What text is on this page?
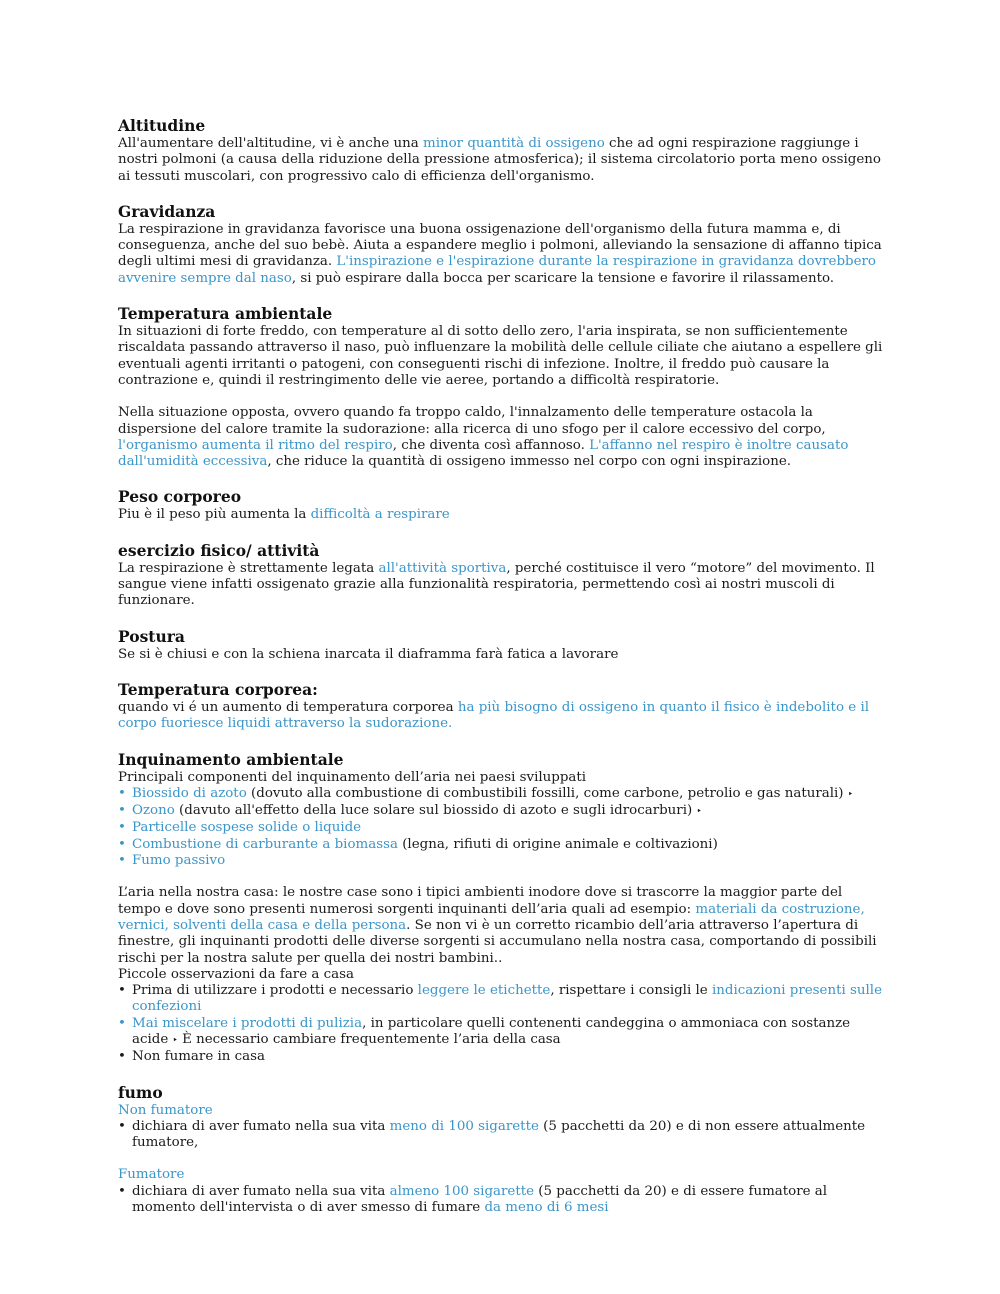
Altitudine

All'aumentare dell'altitudine, vi è anche una minor quantità di ossigeno che ad ogni respirazione raggiunge i nostri polmoni (a causa della riduzione della pressione atmosferica); il sistema circolatorio porta meno ossigeno ai tessuti muscolari, con progressivo calo di efficienza dell'organismo.

Gravidanza

La respirazione in gravidanza favorisce una buona ossigenazione dell'organismo della futura mamma e, di conseguenza, anche del suo bebè. Aiuta a espandere meglio i polmoni, alleviando la sensazione di affanno tipica degli ultimi mesi di gravidanza. L'inspirazione e l'espirazione durante la respirazione in gravidanza dovrebbero avvenire sempre dal naso, si può espirare dalla bocca per scaricare la tensione e favorire il rilassamento.

Temperatura ambientale

In situazioni di forte freddo, con temperature al di sotto dello zero, l'aria inspirata, se non sufficientemente riscaldata passando attraverso il naso, può influenzare la mobilità delle cellule ciliate che aiutano a espellere gli eventuali agenti irritanti o patogeni, con conseguenti rischi di infezione. Inoltre, il freddo può causare la contrazione e, quindi il restringimento delle vie aeree, portando a difficoltà respiratorie.

Nella situazione opposta, ovvero quando fa troppo caldo, l'innalzamento delle temperature ostacola la dispersione del calore tramite la sudorazione: alla ricerca di uno sfogo per il calore eccessivo del corpo, l'organismo aumenta il ritmo del respiro, che diventa così affannoso. L'affanno nel respiro è inoltre causato dall'umidità eccessiva, che riduce la quantità di ossigeno immesso nel corpo con ogni inspirazione.

Peso corporeo

Piu è il peso più aumenta la difficoltà a respirare

esercizio fisico/ attività

La respirazione è strettamente legata all'attività sportiva, perché costituisce il vero “motore” del movimento. Il sangue viene infatti ossigenato grazie alla funzionalità respiratoria, permettendo così ai nostri muscoli di funzionare.

Postura

Se si è chiusi e con la schiena inarcata il diaframma farà fatica a lavorare

Temperatura corporea:

quando vi é un aumento di temperatura corporea ha più bisogno di ossigeno in quanto il fisico è indebolito e il corpo fuoriesce liquidi attraverso la sudorazione.

Inquinamento ambientale

Principali componenti del inquinamento dell’aria nei paesi sviluppati

• Biossido di azoto (dovuto alla combustione di combustibili fossilli, come carbone, petrolio e gas naturali) ‣
• Ozono (davuto all'effetto della luce solare sul biossido di azoto e sugli idrocarburi) ‣
• Particelle sospese solide o liquide
• Combustione di carburante a biomassa (legna, rifiuti di origine animale e coltivazioni)
• Fumo passivo

L’aria nella nostra casa: le nostre case sono i tipici ambienti inodore dove si trascorre la maggior parte del tempo e dove sono presenti numerosi sorgenti inquinanti dell’aria quali ad esempio: materiali da costruzione, vernici, solventi della casa e della persona. Se non vi è un corretto ricambio dell’aria attraverso l’apertura di finestre, gli inquinanti prodotti delle diverse sorgenti si accumulano nella nostra casa, comportando di possibili rischi per la nostra salute per quella dei nostri bambini..

Piccole osservazioni da fare a casa

• Prima di utilizzare i prodotti e necessario leggere le etichette, rispettare i consigli le indicazioni presenti sulle confezioni
• Mai miscelare i prodotti di pulizia, in particolare quelli contenenti candeggina o ammoniaca con sostanze acide ‣ È necessario cambiare frequentemente l’aria della casa
• Non fumare in casa
fumo

Non fumatore

• dichiara di aver fumato nella sua vita meno di 100 sigarette (5 pacchetti da 20) e di non essere attualmente fumatore,

Fumatore

• dichiara di aver fumato nella sua vita almeno 100 sigarette (5 pacchetti da 20) e di essere fumatore al momento dell'intervista o di aver smesso di fumare da meno di 6 mesi
